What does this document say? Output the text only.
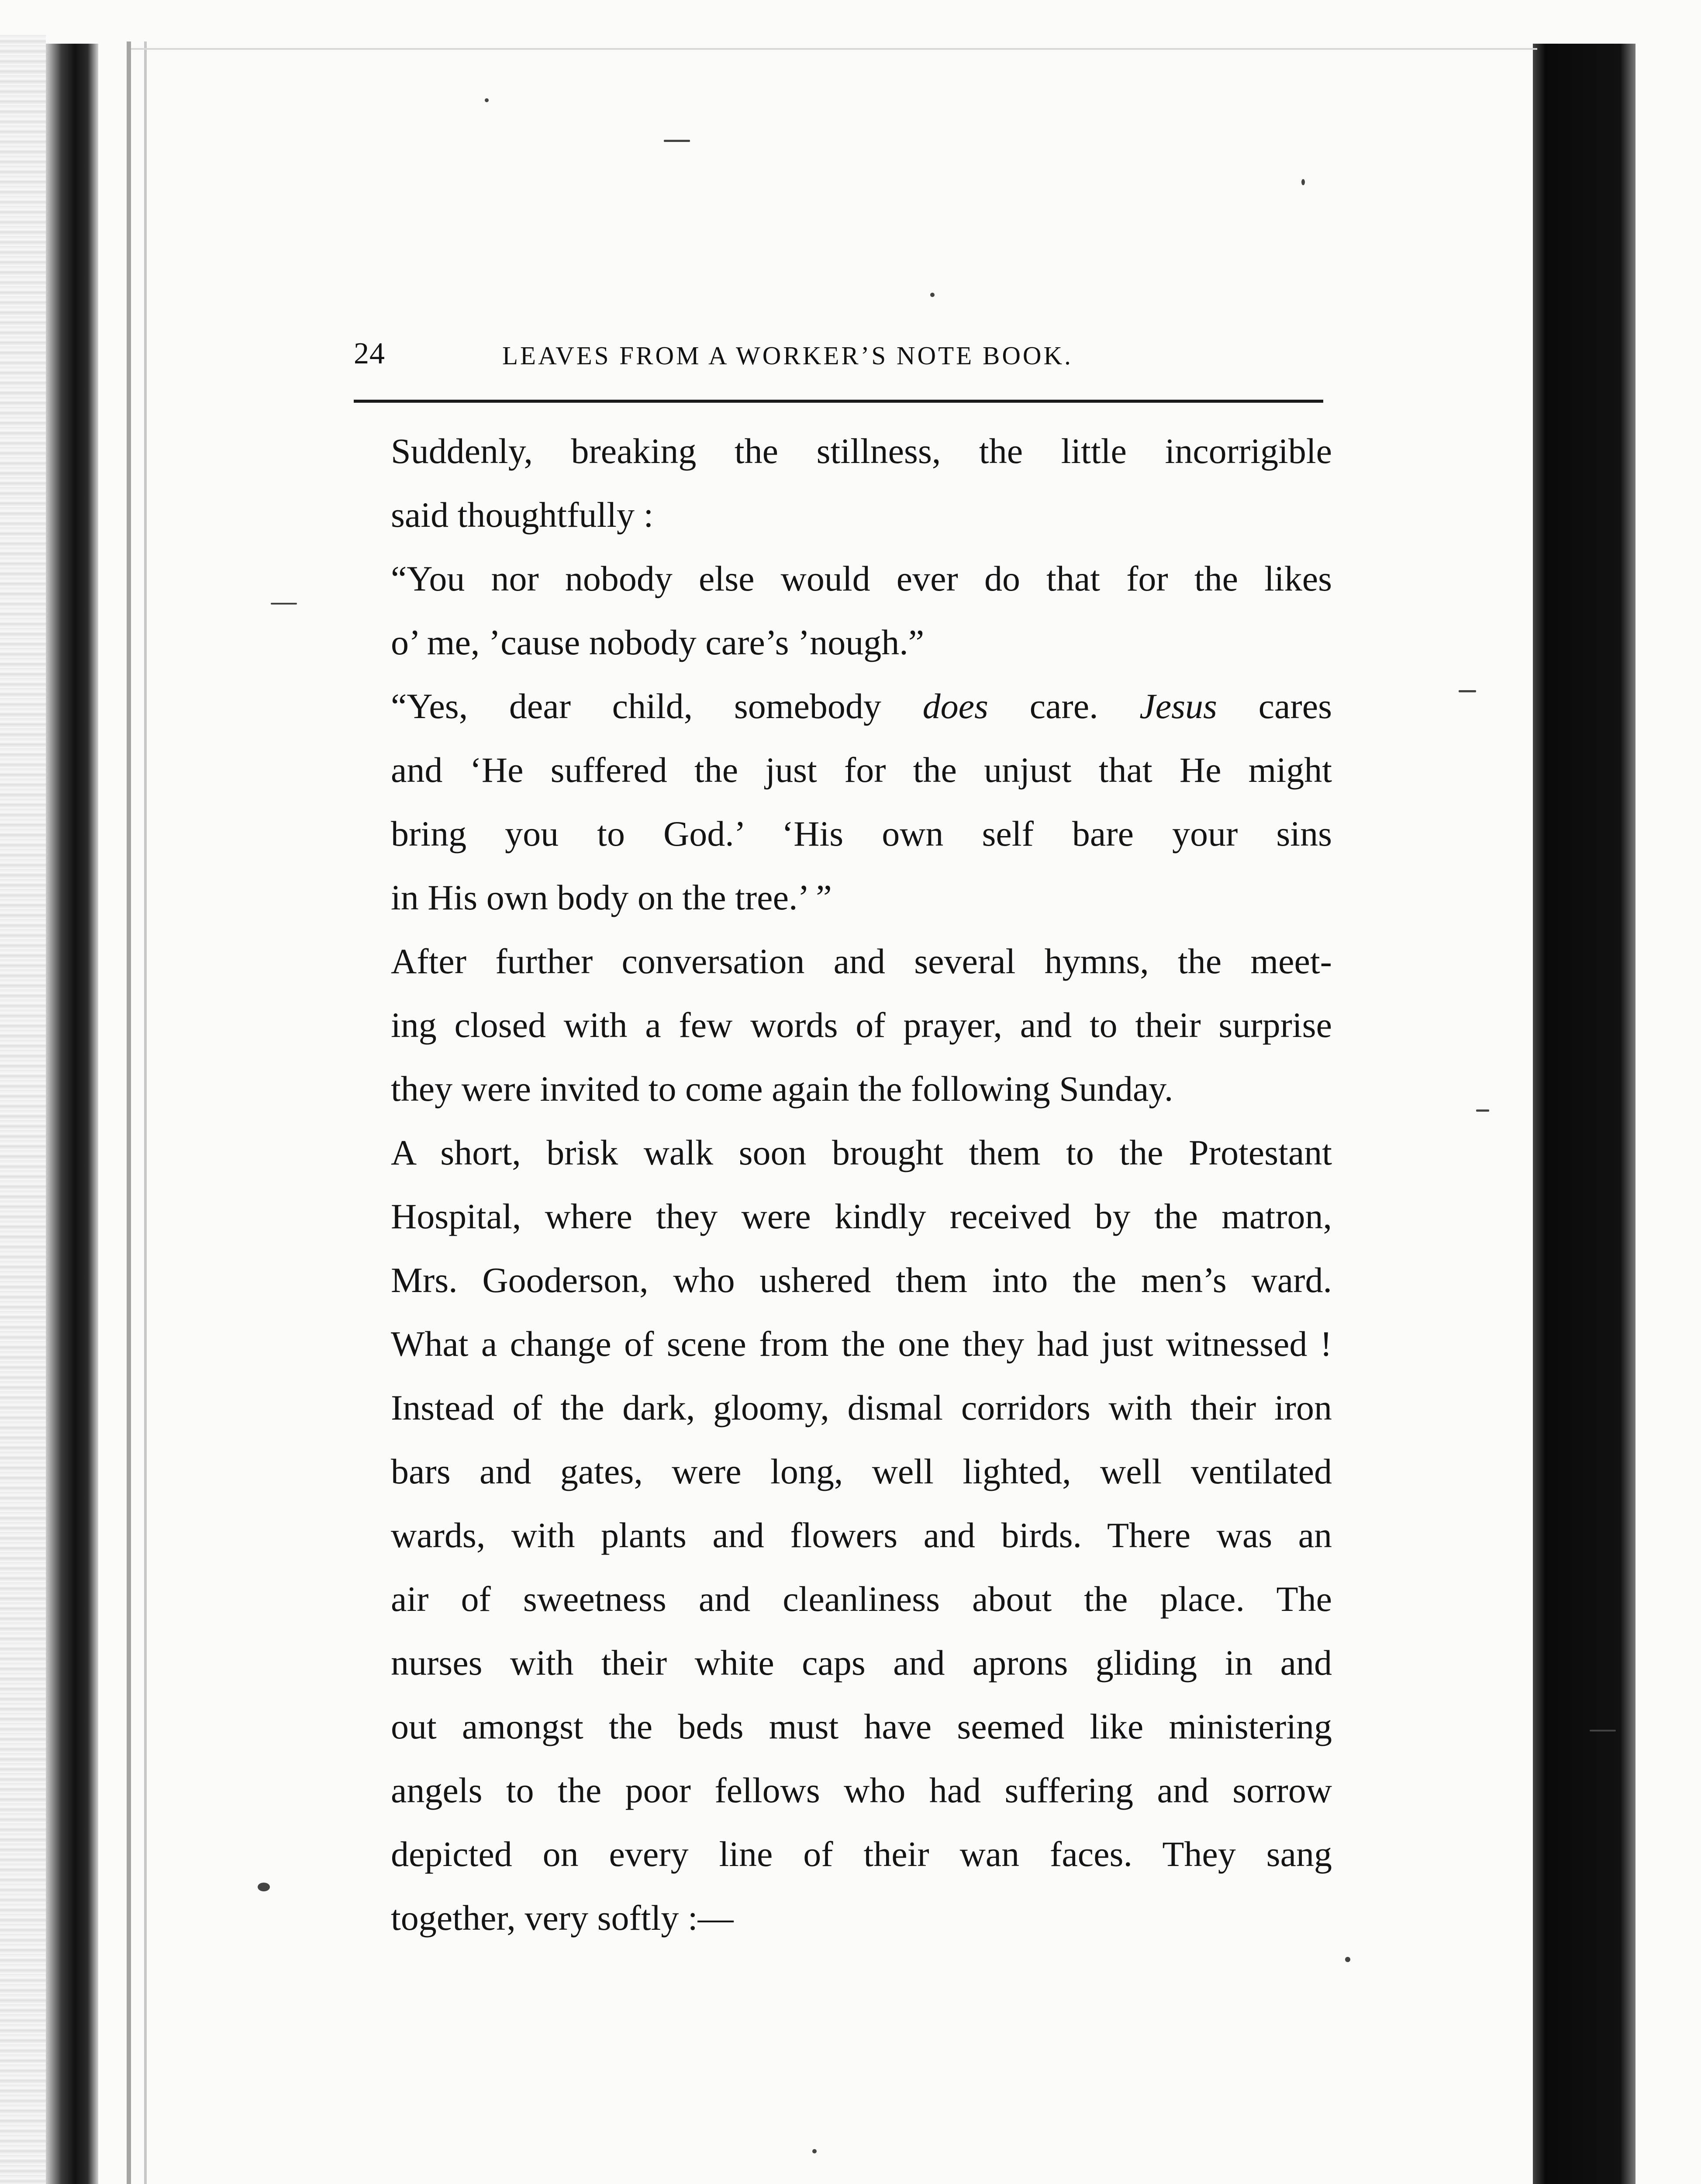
24	LEAVES FROM A WORKER’S NOTE BOOK.
Suddenly, breaking the stillness, the little incorrigible
said thoughtfully :
“You nor nobody else would ever do that for the likes
o’ me, ’cause nobody care’s ’nough.”
“Yes, dear child, somebody does care. Jesus cares
and ‘He suffered the just for the unjust that He might
bring you to God.’ ‘His own self bare your sins
in His own body on the tree.’ ”
After further conversation and several hymns, the meet-
ing closed with a few words of prayer, and to their surprise
they were invited to come again the following Sunday.
A short, brisk walk soon brought them to the Protestant
Hospital, where they were kindly received by the matron,
Mrs. Gooderson, who ushered them into the men’s ward.
What a change of scene from the one they had just witnessed !
Instead of the dark, gloomy, dismal corridors with their iron
bars and gates, were long, well lighted, well ventilated
wards, with plants and flowers and birds. There was an
air of sweetness and cleanliness about the place. The
nurses with their white caps and aprons gliding in and
out amongst the beds must have seemed like ministering
angels to the poor fellows who had suffering and sorrow
depicted on every line of their wan faces. They sang
together, very softly :—
